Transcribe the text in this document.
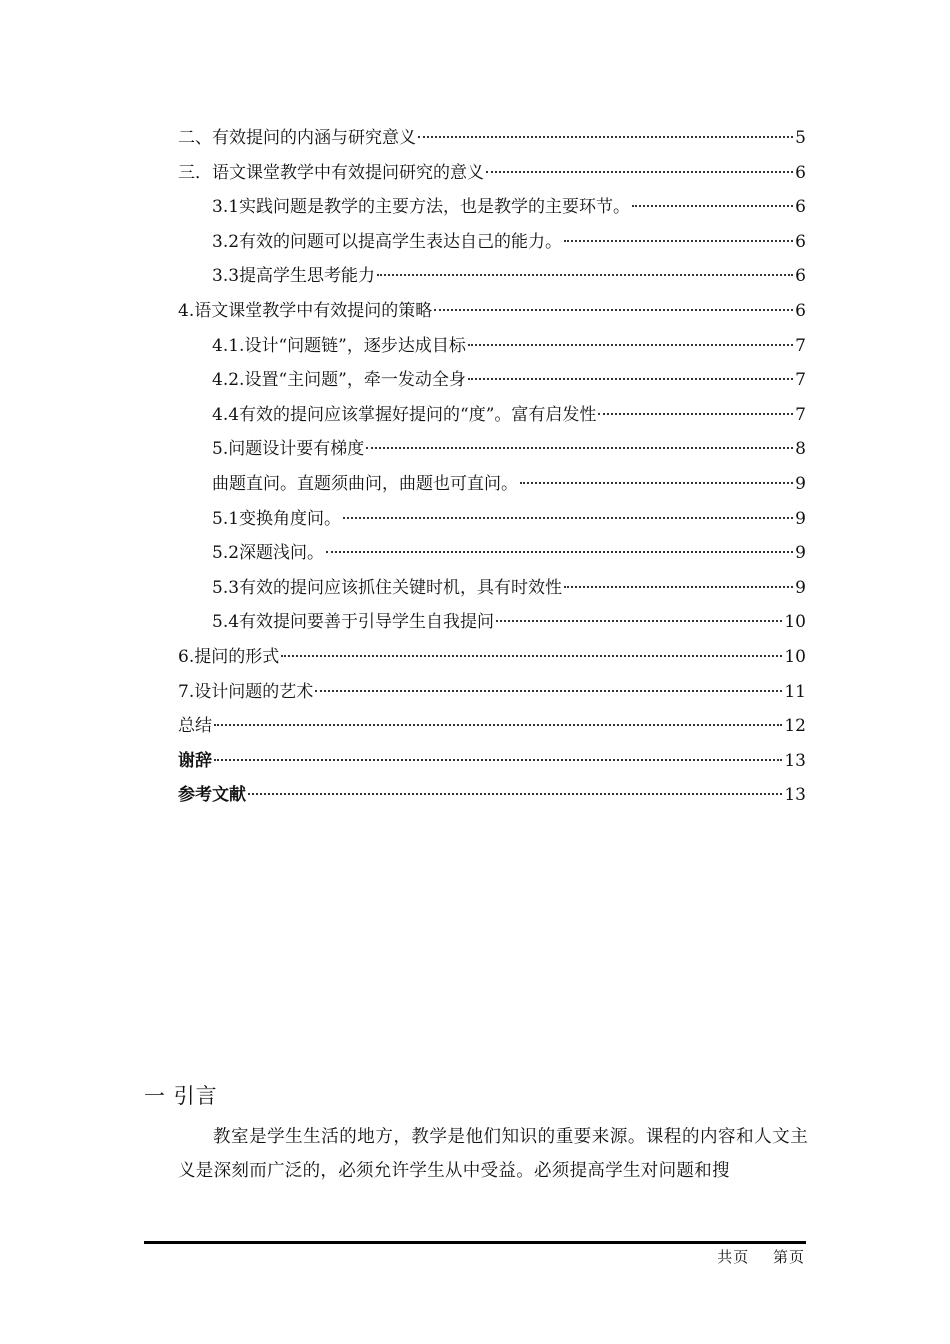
二、有效提问的内涵与研究意义	5
三．语文课堂教学中有效提问研究的意义	6
3.1实践问题是教学的主要方法，也是教学的主要环节。	6
3.2有效的问题可以提高学生表达自己的能力。	6
3.3提高学生思考能力	6
4.语文课堂教学中有效提问的策略	6
4.1.设计“问题链”，逐步达成目标	7
4.2.设置“主问题”，牵一发动全身	7
4.4有效的提问应该掌握好提问的“度”。富有启发性	7
5.问题设计要有梯度	8
曲题直问。直题须曲问，曲题也可直问。	9
5.1变换角度问。	9
5.2深题浅问。	9
5.3有效的提问应该抓住关键时机，具有时效性	9
5.4有效提问要善于引导学生自我提问	10
6.提问的形式	10
7.设计问题的艺术	11
总结	12
谢辞	13
参考文献	13
一 引言

教室是学生生活的地方，教学是他们知识的重要来源。课程的内容和人文主义是深刻而广泛的，必须允许学生从中受益。必须提高学生对问题和搜

共页 第页
